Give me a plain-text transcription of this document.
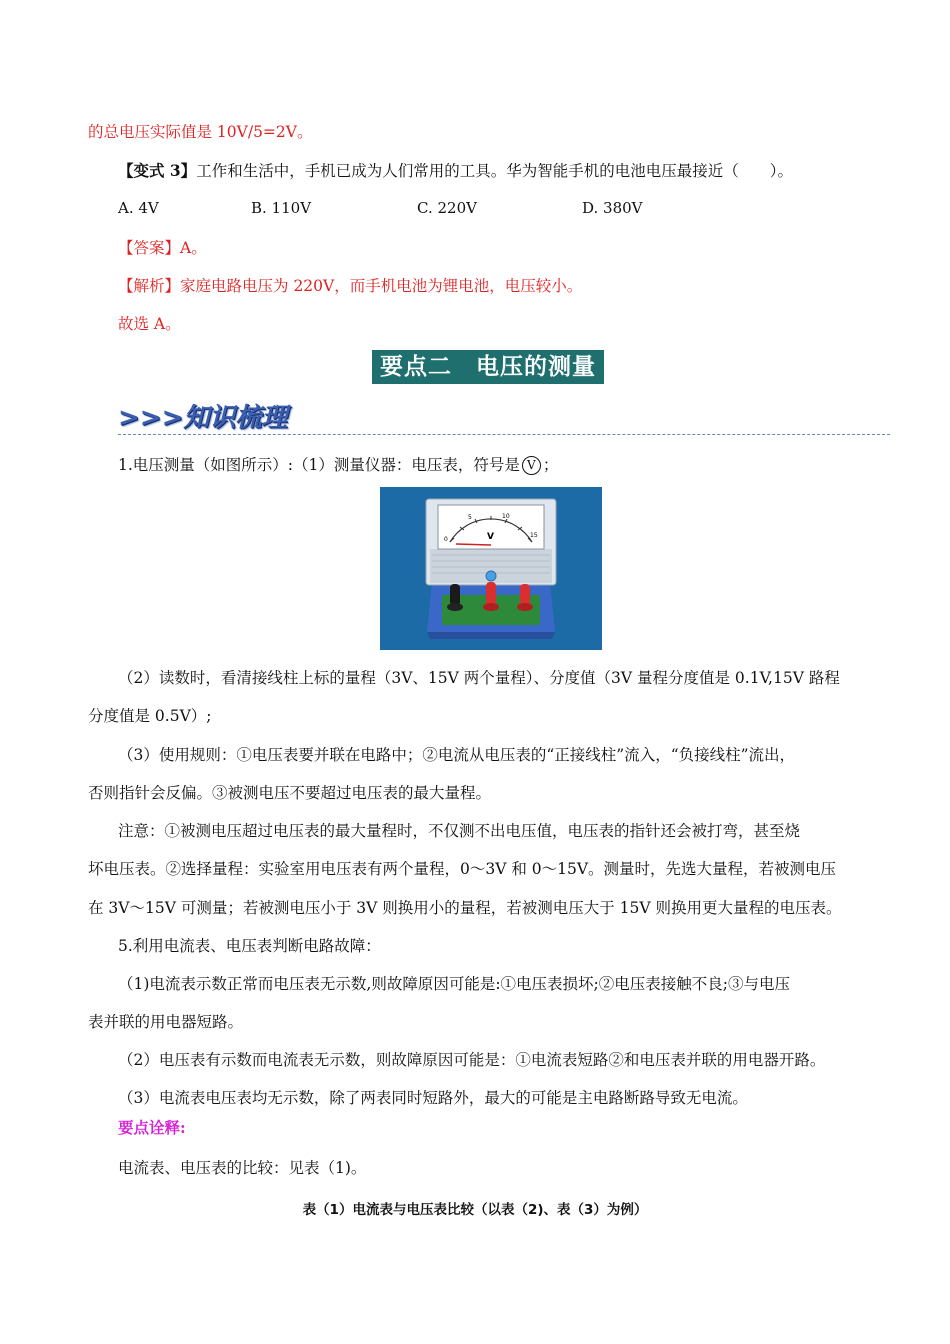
的总电压实际值是 10V/5=2V。
【变式 3】工作和生活中，手机已成为人们常用的工具。华为智能手机的电池电压最接近（　　）。
A. 4V	B. 110V	C. 220V	D. 380V
【答案】A。
【解析】家庭电路电压为 220V，而手机电池为锂电池，电压较小。
故选 A。
要点二　电压的测量
>>>知识梳理
1.电压测量（如图所示）:（1）测量仪器：电压表，符号是 V ；
0
5	10
15
V
（2）读数时，看清接线柱上标的量程（3V、15V 两个量程）、分度值（3V 量程分度值是 0.1V,15V 路程
分度值是 0.5V）;
（3）使用规则：①电压表要并联在电路中；②电流从电压表的“正接线柱”流入，“负接线柱”流出，
否则指针会反偏。③被测电压不要超过电压表的最大量程。
注意：①被测电压超过电压表的最大量程时，不仅测不出电压值，电压表的指针还会被打弯，甚至烧
坏电压表。②选择量程：实验室用电压表有两个量程，0～3V 和 0～15V。测量时，先选大量程，若被测电压
在 3V～15V 可测量；若被测电压小于 3V 则换用小的量程，若被测电压大于 15V 则换用更大量程的电压表。
5.利用电流表、电压表判断电路故障：
（1)电流表示数正常而电压表无示数,则故障原因可能是:①电压表损坏;②电压表接触不良;③与电压
表并联的用电器短路。
（2）电压表有示数而电流表无示数，则故障原因可能是：①电流表短路②和电压表并联的用电器开路。
（3）电流表电压表均无示数，除了两表同时短路外，最大的可能是主电路断路导致无电流。
要点诠释:
电流表、电压表的比较：见表（1)。
表（1）电流表与电压表比较（以表（2)、表（3）为例）
